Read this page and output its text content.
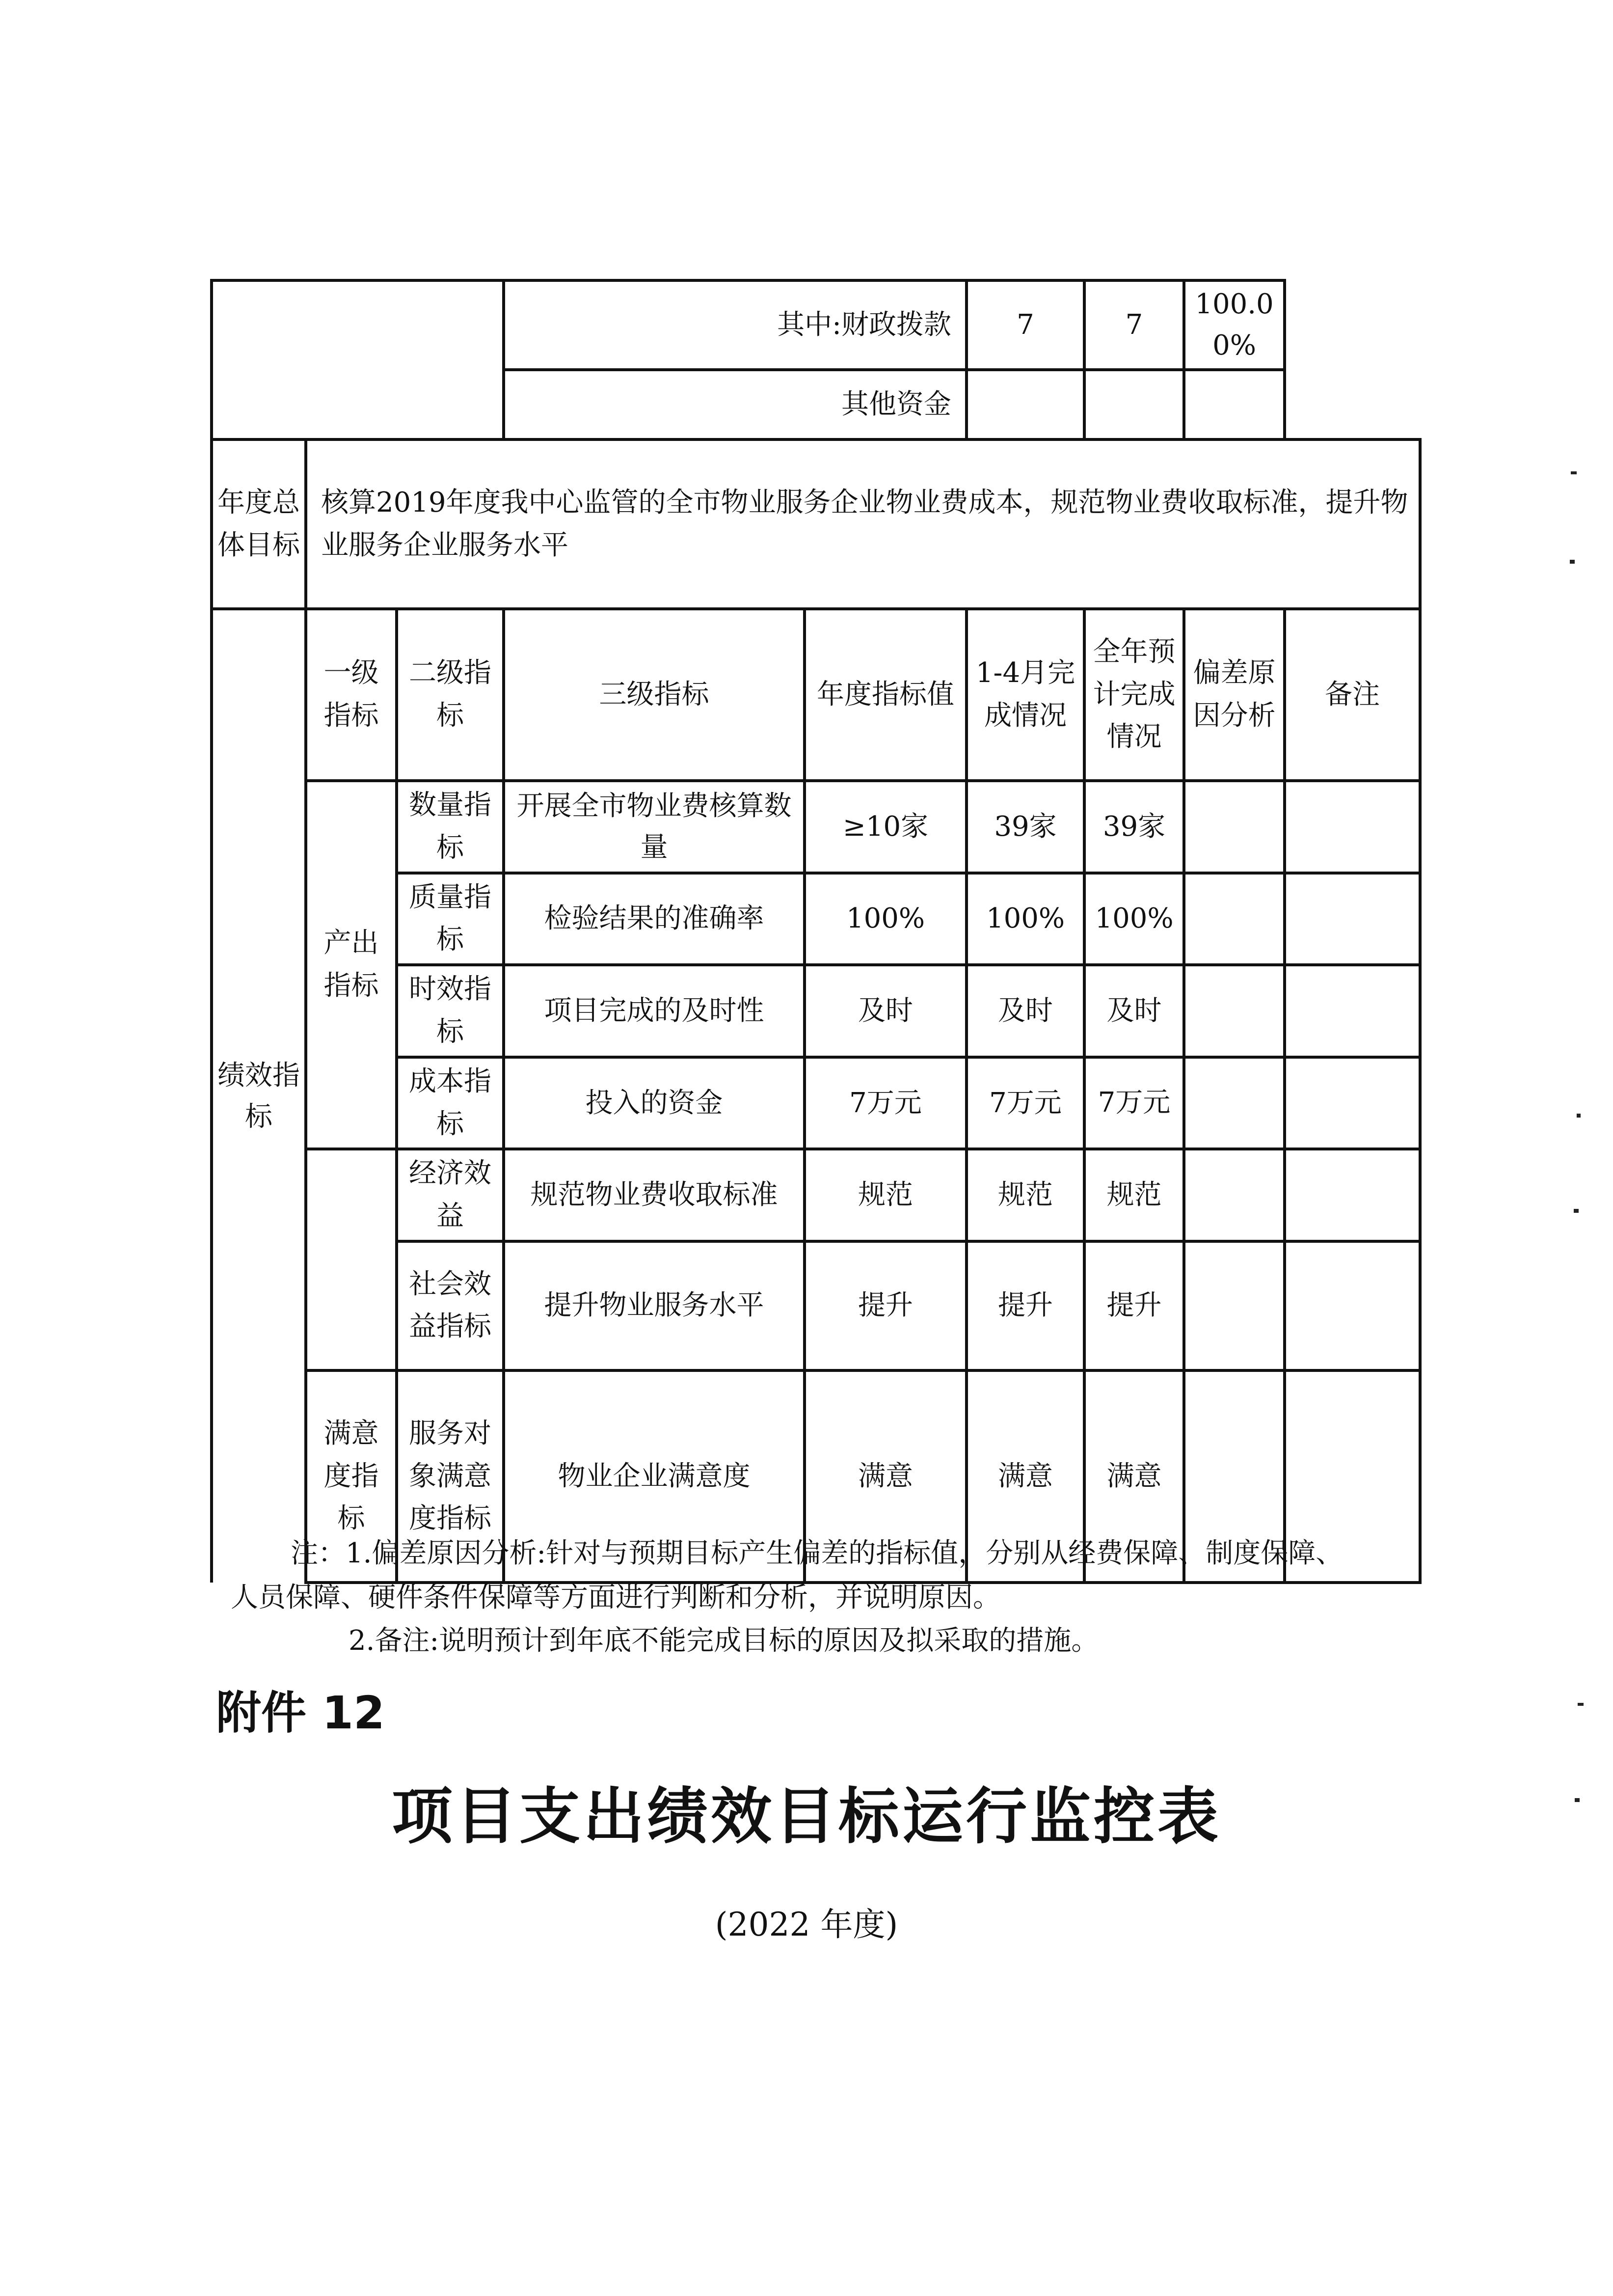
			其中:财政拨款		7	7	100.00%	
			其他资金					
年度总体目标	核算2019年度我中心监管的全市物业服务企业物业费成本，规范物业费收取标准，提升物业服务企业服务水平							
绩效指标	一级指标	二级指标	三级指标	年度指标值	1-4月完成情况	全年预计完成情况	偏差原因分析	备注
	产出指标	数量指标	开展全市物业费核算数量	≥10家	39家	39家		
		质量指标	检验结果的准确率	100%	100%	100%		
		时效指标	项目完成的及时性	及时	及时	及时		
		成本指标	投入的资金	7万元	7万元	7万元		
		经济效益	规范物业费收取标准	规范	规范	规范		
		社会效益指标	提升物业服务水平	提升	提升	提升		
	满意度指标	服务对象满意度指标	物业企业满意度	满意	满意	满意		
注：1.偏差原因分析:针对与预期目标产生偏差的指标值，分别从经费保障、制度保障、
人员保障、硬件条件保障等方面进行判断和分析，并说明原因。
2.备注:说明预计到年底不能完成目标的原因及拟采取的措施。
附件 12
项目支出绩效目标运行监控表
(2022 年度)
